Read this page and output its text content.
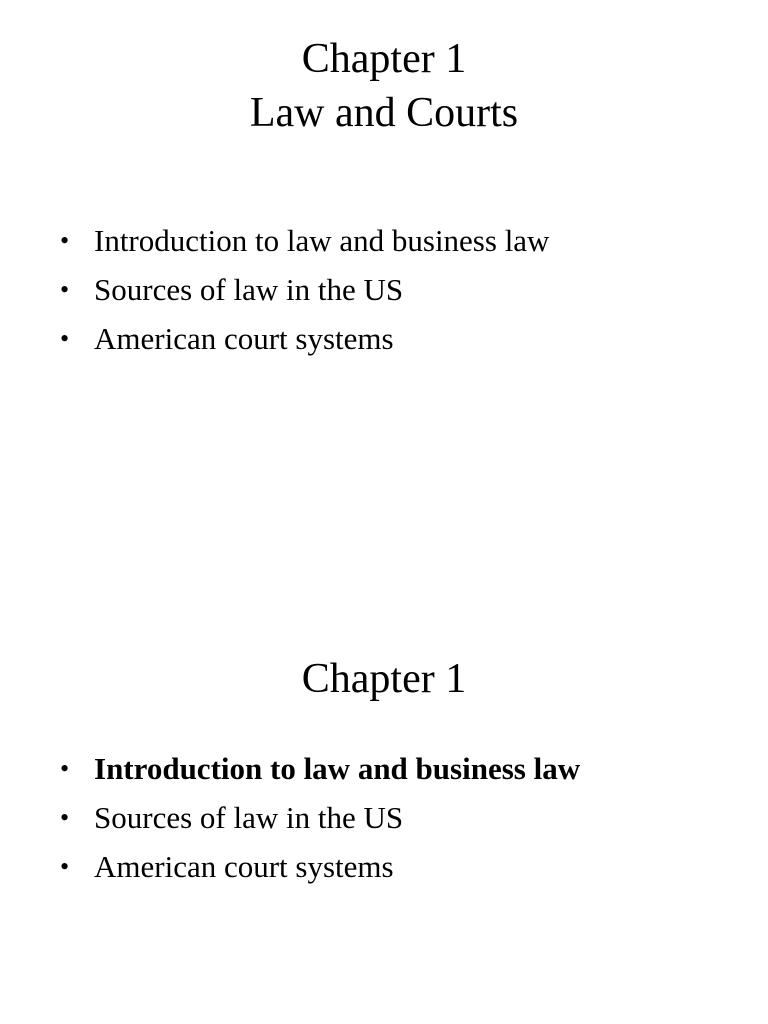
Chapter 1
Law and Courts
• Introduction to law and business law
• Sources of law in the US
• American court systems
Chapter 1
• Introduction to law and business law
• Sources of law in the US
• American court systems
